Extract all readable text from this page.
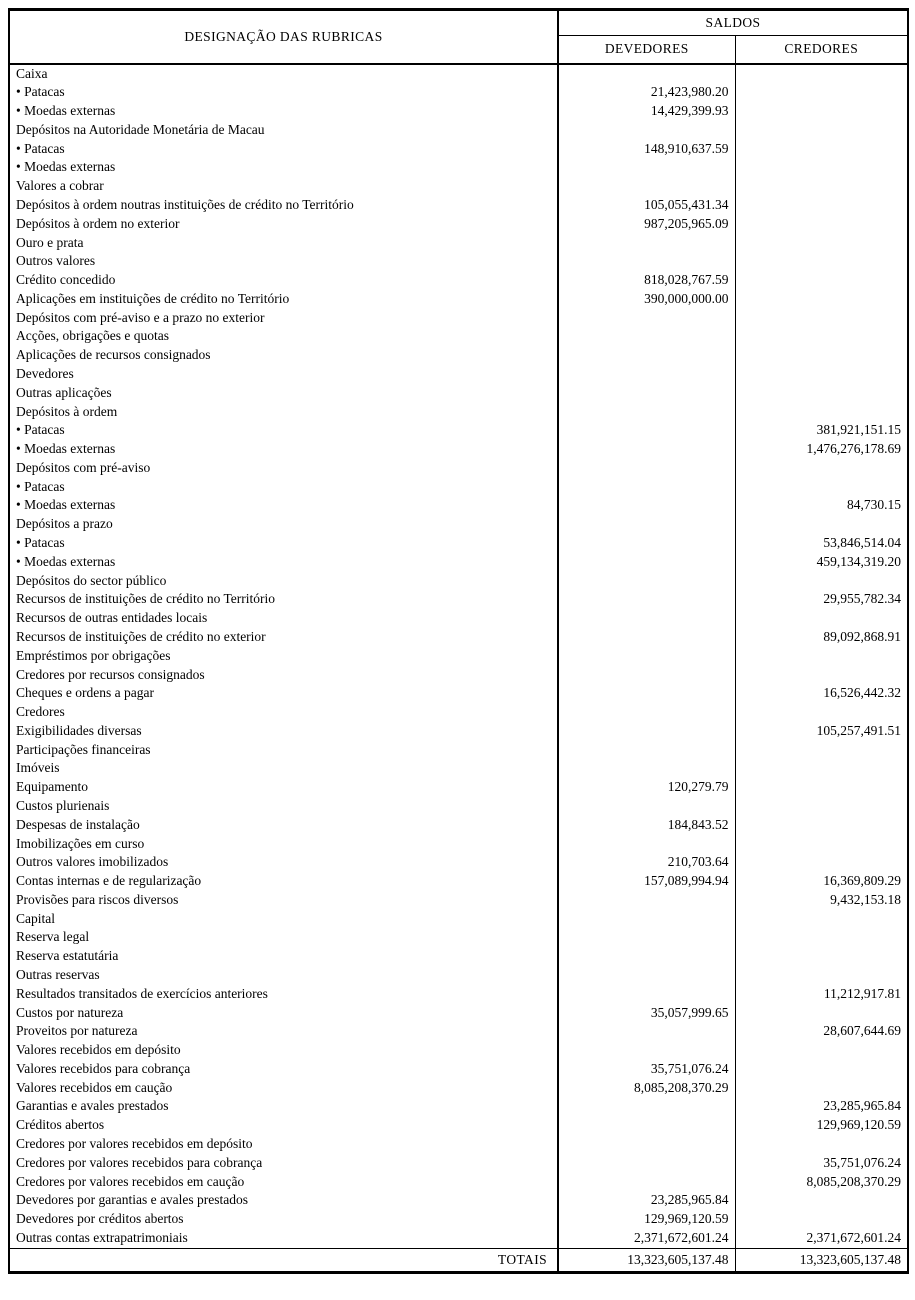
DESIGNAÇÃO DAS RUBRICAS	SALDOS	
	DEVEDORES	CREDORES
Caixa		
• Patacas	21,423,980.20	
• Moedas externas	14,429,399.93	
Depósitos na Autoridade Monetária de Macau		
• Patacas	148,910,637.59	
• Moedas externas		
Valores a cobrar		
Depósitos à ordem noutras instituições de crédito no Território	105,055,431.34	
Depósitos à ordem no exterior	987,205,965.09	
Ouro e prata		
Outros valores		
Crédito concedido	818,028,767.59	
Aplicações em instituições de crédito no Território	390,000,000.00	
Depósitos com pré-aviso e a prazo no exterior		
Acções, obrigações e quotas		
Aplicações de recursos consignados		
Devedores		
Outras aplicações		
Depósitos à ordem		
• Patacas		381,921,151.15
• Moedas externas		1,476,276,178.69
Depósitos com pré-aviso		
• Patacas		
• Moedas externas		84,730.15
Depósitos a prazo		
• Patacas		53,846,514.04
• Moedas externas		459,134,319.20
Depósitos do sector público		
Recursos de instituições de crédito no Território		29,955,782.34
Recursos de outras entidades locais		
Recursos de instituições de crédito no exterior		89,092,868.91
Empréstimos por obrigações		
Credores por recursos consignados		
Cheques e ordens a pagar		16,526,442.32
Credores		
Exigibilidades diversas		105,257,491.51
Participações financeiras		
Imóveis		
Equipamento	120,279.79	
Custos plurienais		
Despesas de instalação	184,843.52	
Imobilizações em curso		
Outros valores imobilizados	210,703.64	
Contas internas e de regularização	157,089,994.94	16,369,809.29
Provisões para riscos diversos		9,432,153.18
Capital		
Reserva legal		
Reserva estatutária		
Outras reservas		
Resultados transitados de exercícios anteriores		11,212,917.81
Custos por natureza	35,057,999.65	
Proveitos por natureza		28,607,644.69
Valores recebidos em depósito		
Valores recebidos para cobrança	35,751,076.24	
Valores recebidos em caução	8,085,208,370.29	
Garantias e avales prestados		23,285,965.84
Créditos abertos		129,969,120.59
Credores por valores recebidos em depósito		
Credores por valores recebidos para cobrança		35,751,076.24
Credores por valores recebidos em caução		8,085,208,370.29
Devedores por garantias e avales prestados	23,285,965.84	
Devedores por créditos abertos	129,969,120.59	
Outras contas extrapatrimoniais	2,371,672,601.24	2,371,672,601.24
TOTAIS	13,323,605,137.48	13,323,605,137.48
